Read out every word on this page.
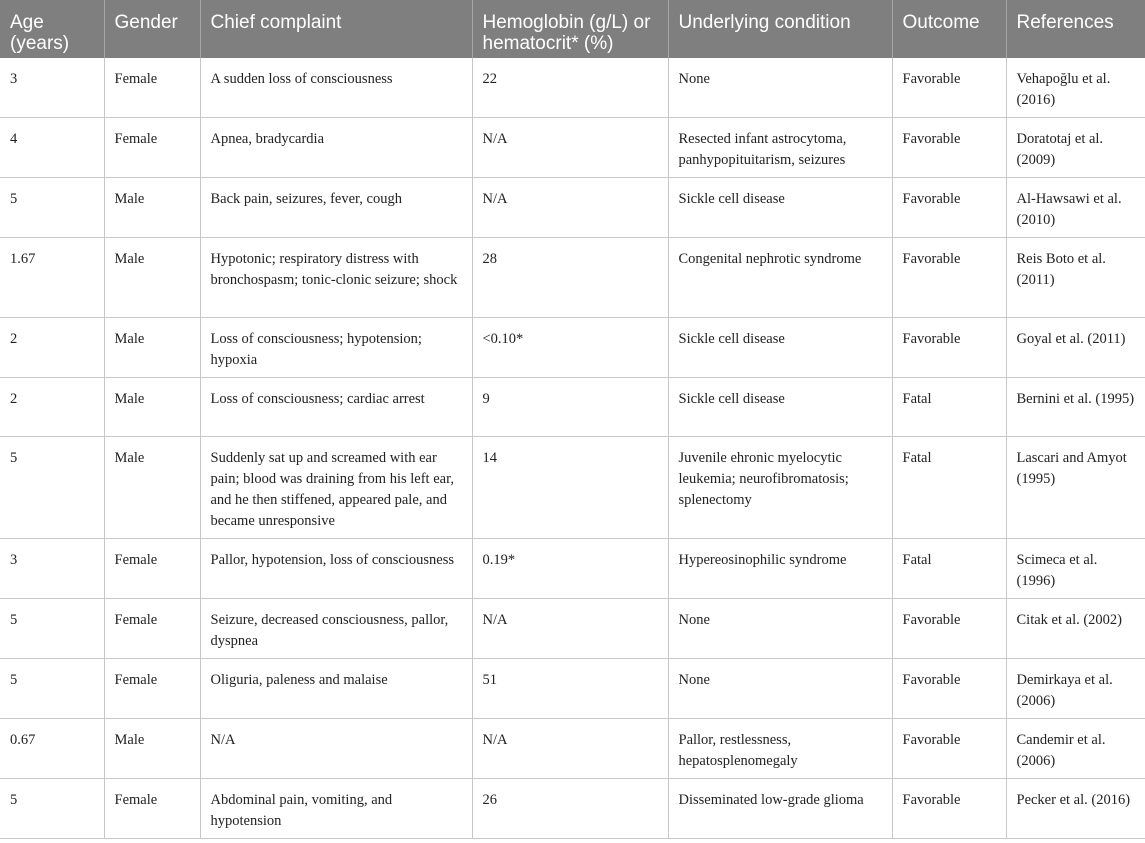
Age (years)	Gender	Chief complaint	Hemoglobin (g/L) or hematocrit* (%)	Underlying condition	Outcome	References
3	Female	A sudden loss of consciousness	22	None	Favorable	Vehapoğlu et al. (2016)
4	Female	Apnea, bradycardia	N/A	Resected infant astrocytoma, panhypopituitarism, seizures	Favorable	Doratotaj et al. (2009)
5	Male	Back pain, seizures, fever, cough	N/A	Sickle cell disease	Favorable	Al-Hawsawi et al. (2010)
1.67	Male	Hypotonic; respiratory distress with bronchospasm; tonic-clonic seizure; shock	28	Congenital nephrotic syndrome	Favorable	Reis Boto et al. (2011)
2	Male	Loss of consciousness; hypotension; hypoxia	<0.10*	Sickle cell disease	Favorable	Goyal et al. (2011)
2	Male	Loss of consciousness; cardiac arrest	9	Sickle cell disease	Fatal	Bernini et al. (1995)
5	Male	Suddenly sat up and screamed with ear pain; blood was draining from his left ear, and he then stiffened, appeared pale, and became unresponsive	14	Juvenile ehronic myelocytic leukemia; neurofibromatosis; splenectomy	Fatal	Lascari and Amyot (1995)
3	Female	Pallor, hypotension, loss of consciousness	0.19*	Hypereosinophilic syndrome	Fatal	Scimeca et al. (1996)
5	Female	Seizure, decreased consciousness, pallor, dyspnea	N/A	None	Favorable	Citak et al. (2002)
5	Female	Oliguria, paleness and malaise	51	None	Favorable	Demirkaya et al. (2006)
0.67	Male	N/A	N/A	Pallor, restlessness, hepatosplenomegaly	Favorable	Candemir et al. (2006)
5	Female	Abdominal pain, vomiting, and hypotension	26	Disseminated low-grade glioma	Favorable	Pecker et al. (2016)
